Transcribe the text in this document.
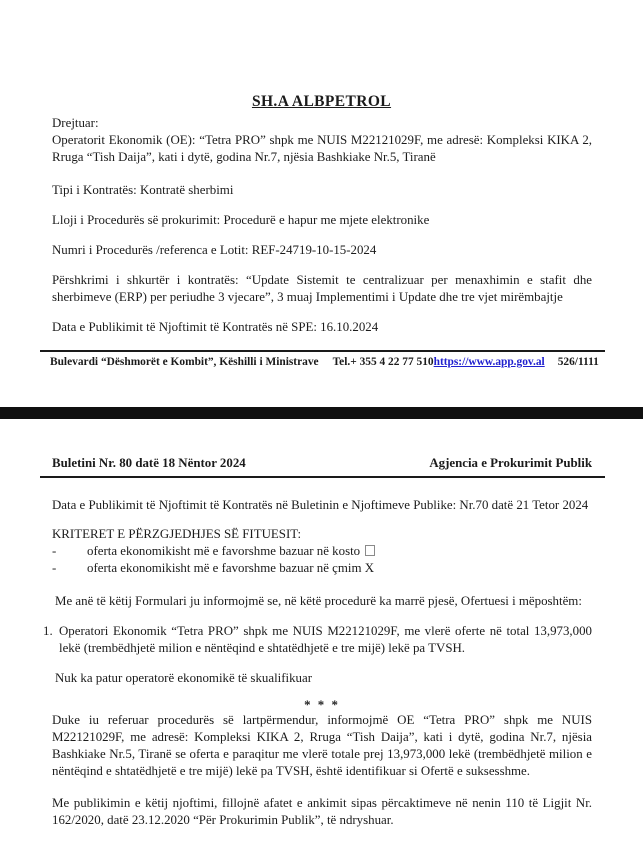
SH.A ALBPETROL

Drejtuar:
Operatorit Ekonomik (OE): “Tetra PRO” shpk me NUIS M22121029F, me adresë: Kompleksi KIKA 2, Rruga “Tish Daija”, kati i dytë, godina Nr.7, njësia Bashkiake Nr.5, Tiranë

Tipi i Kontratës: Kontratë sherbimi

Lloji i Procedurës së prokurimit: Procedurë e hapur me mjete elektronike

Numri i Procedurës /referenca e Lotit: REF-24719-10-15-2024

Përshkrimi i shkurtër i kontratës: “Update Sistemit te centralizuar per menaxhimin e stafit dhe sherbimeve (ERP) per periudhe 3 vjecare”, 3 muaj Implementimi i Update dhe tre vjet mirëmbajtje

Data e Publikimit të Njoftimit të Kontratës në SPE: 16.10.2024

Bulevardi “Dëshmorët e Kombit”, Këshilli i Ministrave Tel.+ 355 4 22 77 510 https://www.app.gov.al 526/1111
Buletini Nr. 80 datë 18 Nëntor 2024	Agjencia e Prokurimit Publik

Data e Publikimit të Njoftimit të Kontratës në Buletinin e Njoftimeve Publike: Nr.70 datë 21 Tetor 2024

KRITERET E PËRZGJEDHJES SË FITUESIT:
-	oferta ekonomikisht më e favorshme bazuar në kosto
-	oferta ekonomikisht më e favorshme bazuar në çmim X

Me anë të këtij Formulari ju informojmë se, në këtë procedurë ka marrë pjesë, Ofertuesi i mëposhtëm:

1. Operatori Ekonomik “Tetra PRO” shpk me NUIS M22121029F, me vlerë oferte në total 13,973,000 lekë (trembëdhjetë milion e nëntëqind e shtatëdhjetë e tre mijë) lekë pa TVSH.

Nuk ka patur operatorë ekonomikë të skualifikuar

* * *

Duke iu referuar procedurës së lartpërmendur, informojmë OE “Tetra PRO” shpk me NUIS M22121029F, me adresë: Kompleksi KIKA 2, Rruga “Tish Daija”, kati i dytë, godina Nr.7, njësia Bashkiake Nr.5, Tiranë se oferta e paraqitur me vlerë totale prej 13,973,000 lekë (trembëdhjetë milion e nëntëqind e shtatëdhjetë e tre mijë) lekë pa TVSH, është identifikuar si Ofertë e suksesshme.

Me publikimin e këtij njoftimi, fillojnë afatet e ankimit sipas përcaktimeve në nenin 110 të Ligjit Nr. 162/2020, datë 23.12.2020 “Për Prokurimin Publik”, të ndryshuar.
